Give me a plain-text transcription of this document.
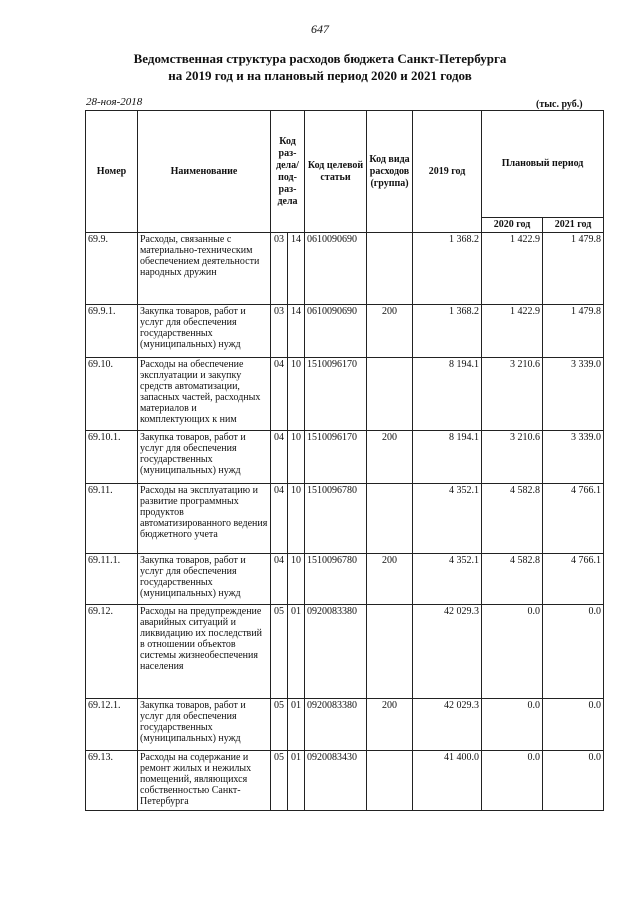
647
Ведомственная структура расходов бюджета Санкт-Петербурга
на 2019 год и на плановый период 2020 и 2021 годов
28-ноя-2018	(тыс. руб.)
Номер	Наименование	Код раз-дела/ под-раз-дела		Код целевой статьи	Код вида расходов (группа)	2019 год	Плановый период	
							2020 год	2021 год
69.9.	Расходы, связанные с материально-техническим обеспечением деятельности народных дружин	03	14	0610090690		1 368.2	1 422.9	1 479.8
69.9.1.	Закупка товаров, работ и услуг для обеспечения государственных (муниципальных) нужд	03	14	0610090690	200	1 368.2	1 422.9	1 479.8
69.10.	Расходы на обеспечение эксплуатации и закупку средств автоматизации, запасных частей, расходных материалов и комплектующих к ним	04	10	1510096170		8 194.1	3 210.6	3 339.0
69.10.1.	Закупка товаров, работ и услуг для обеспечения государственных (муниципальных) нужд	04	10	1510096170	200	8 194.1	3 210.6	3 339.0
69.11.	Расходы на эксплуатацию и развитие программных продуктов автоматизированного ведения бюджетного учета	04	10	1510096780		4 352.1	4 582.8	4 766.1
69.11.1.	Закупка товаров, работ и услуг для обеспечения государственных (муниципальных) нужд	04	10	1510096780	200	4 352.1	4 582.8	4 766.1
69.12.	Расходы на предупреждение аварийных ситуаций и ликвидацию их последствий в отношении объектов системы жизнеобеспечения населения	05	01	0920083380		42 029.3	0.0	0.0
69.12.1.	Закупка товаров, работ и услуг для обеспечения государственных (муниципальных) нужд	05	01	0920083380	200	42 029.3	0.0	0.0
69.13.	Расходы на содержание и ремонт жилых и нежилых помещений, являющихся собственностью Санкт-Петербурга	05	01	0920083430		41 400.0	0.0	0.0
